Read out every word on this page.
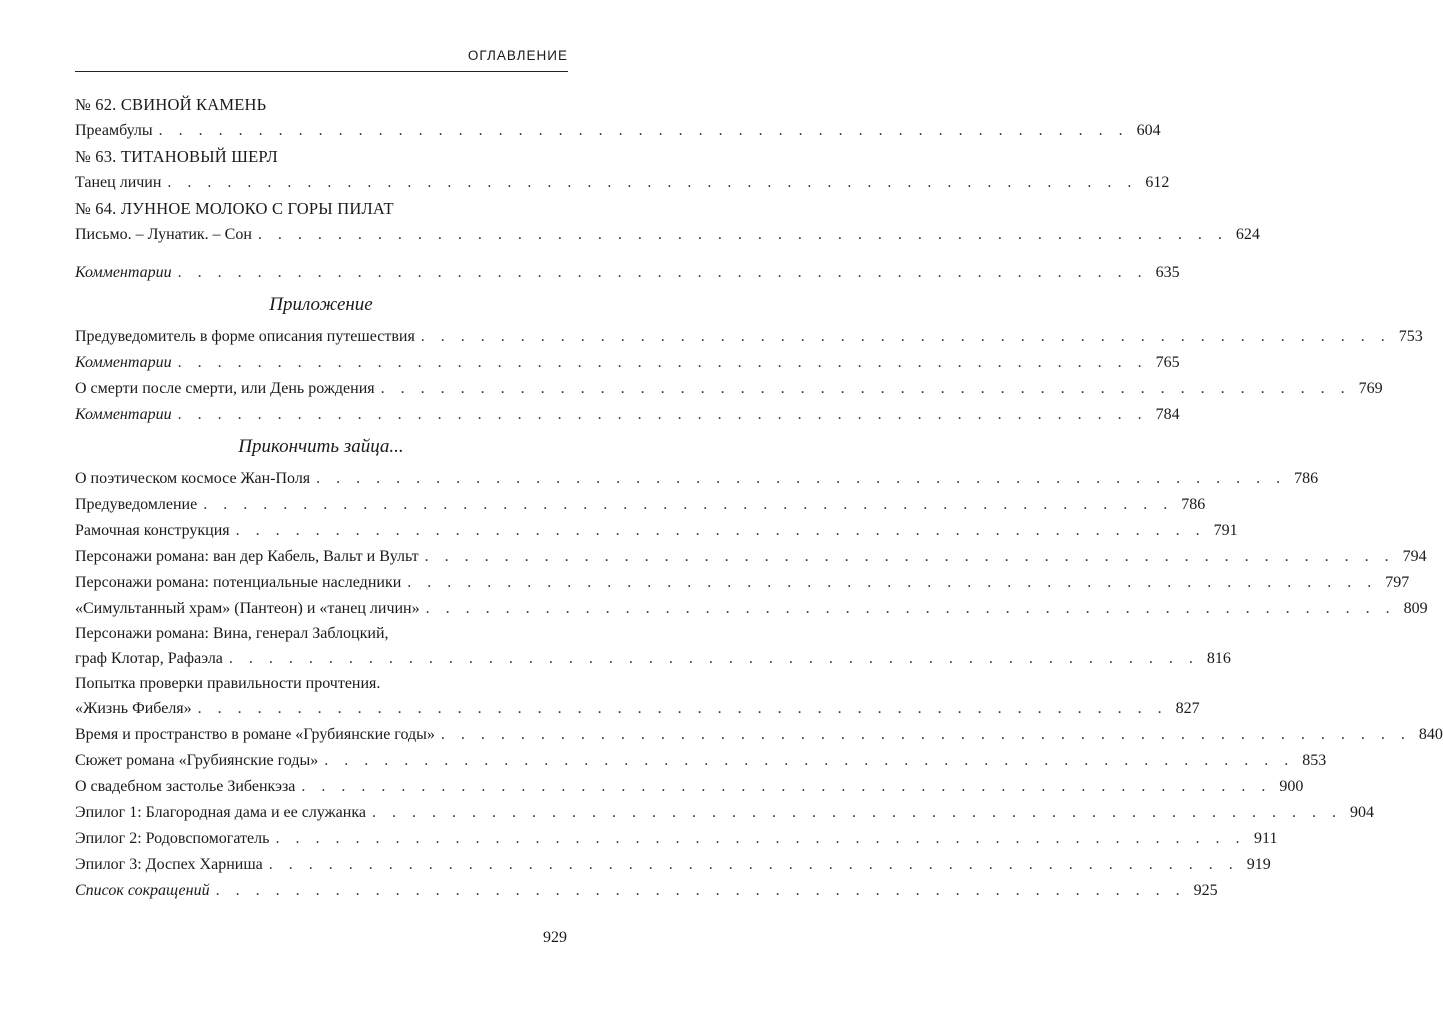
ОГЛАВЛЕНИЕ
№ 62. СВИНОЙ КАМЕНЬ
Преамбулы . . . . . . . . . . . . . . . . . . . . . . . . . . . . . . . . . . . . . . . . . . . . . . . . . 604
№ 63. ТИТАНОВЫЙ ШЕРЛ
Танец личин . . . . . . . . . . . . . . . . . . . . . . . . . . . . . . . . . . . . . . . . . . . . . . . . . 612
№ 64. ЛУННОЕ МОЛОКО С ГОРЫ ПИЛАТ
Письмо. – Лунатик. – Сон . . . . . . . . . . . . . . . . . . . . . . . . . . . . . . . . . . . . . . . . . . . . . . . . . 624
Комментарии . . . . . . . . . . . . . . . . . . . . . . . . . . . . . . . . . . . . . . . . . . . . . . . . . 635
Приложение
Предуведомитель в форме описания путешествия . . . . . . . . . . . . . . . . . . . . . . . . . . . . . . . . . . . . . . . . . . . . . . . . . 753
Комментарии . . . . . . . . . . . . . . . . . . . . . . . . . . . . . . . . . . . . . . . . . . . . . . . . . 765
О смерти после смерти, или День рождения . . . . . . . . . . . . . . . . . . . . . . . . . . . . . . . . . . . . . . . . . . . . . . . . . 769
Комментарии . . . . . . . . . . . . . . . . . . . . . . . . . . . . . . . . . . . . . . . . . . . . . . . . . 784
Прикончить зайца...
О поэтическом космосе Жан-Поля . . . . . . . . . . . . . . . . . . . . . . . . . . . . . . . . . . . . . . . . . . . . . . . . . 786
Предуведомление . . . . . . . . . . . . . . . . . . . . . . . . . . . . . . . . . . . . . . . . . . . . . . . . . 786
Рамочная конструкция . . . . . . . . . . . . . . . . . . . . . . . . . . . . . . . . . . . . . . . . . . . . . . . . . 791
Персонажи романа: ван дер Кабель, Вальт и Вульт . . . . . . . . . . . . . . . . . . . . . . . . . . . . . . . . . . . . . . . . . . . . . . . . . 794
Персонажи романа: потенциальные наследники . . . . . . . . . . . . . . . . . . . . . . . . . . . . . . . . . . . . . . . . . . . . . . . . . 797
«Симультанный храм» (Пантеон) и «танец личин» . . . . . . . . . . . . . . . . . . . . . . . . . . . . . . . . . . . . . . . . . . . . . . . . . 809
Персонажи романа: Вина, генерал Заблоцкий,
граф Клотар, Рафаэла . . . . . . . . . . . . . . . . . . . . . . . . . . . . . . . . . . . . . . . . . . . . . . . . . 816
Попытка проверки правильности прочтения.
«Жизнь Фибеля» . . . . . . . . . . . . . . . . . . . . . . . . . . . . . . . . . . . . . . . . . . . . . . . . . 827
Время и пространство в романе «Грубиянские годы» . . . . . . . . . . . . . . . . . . . . . . . . . . . . . . . . . . . . . . . . . . . . . . . . . 840
Сюжет романа «Грубиянские годы» . . . . . . . . . . . . . . . . . . . . . . . . . . . . . . . . . . . . . . . . . . . . . . . . . 853
О свадебном застолье Зибенкэза . . . . . . . . . . . . . . . . . . . . . . . . . . . . . . . . . . . . . . . . . . . . . . . . . 900
Эпилог 1: Благородная дама и ее служанка . . . . . . . . . . . . . . . . . . . . . . . . . . . . . . . . . . . . . . . . . . . . . . . . . 904
Эпилог 2: Родовспомогатель . . . . . . . . . . . . . . . . . . . . . . . . . . . . . . . . . . . . . . . . . . . . . . . . . 911
Эпилог 3: Доспех Харниша . . . . . . . . . . . . . . . . . . . . . . . . . . . . . . . . . . . . . . . . . . . . . . . . . 919
Список сокращений . . . . . . . . . . . . . . . . . . . . . . . . . . . . . . . . . . . . . . . . . . . . . . . . . 925
929
